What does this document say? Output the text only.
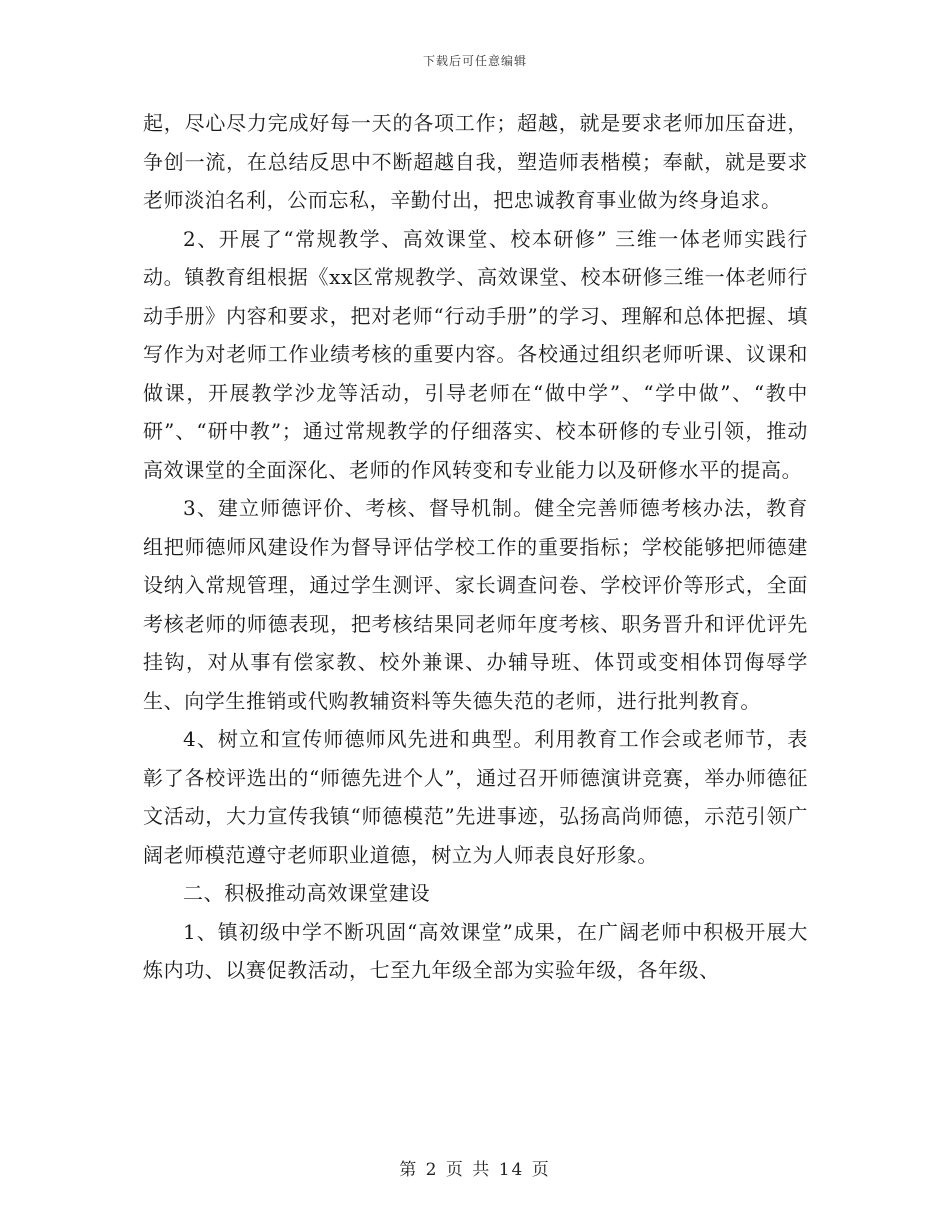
下载后可任意编辑

起，尽心尽力完成好每一天的各项工作；超越，就是要求老师加压奋进，争创一流，在总结反思中不断超越自我，塑造师表楷模；奉献，就是要求老师淡泊名利，公而忘私，辛勤付出，把忠诚教育事业做为终身追求。

2、开展了“常规教学、高效课堂、校本研修” 三维一体老师实践行动。镇教育组根据《xx区常规教学、高效课堂、校本研修三维一体老师行动手册》内容和要求，把对老师“行动手册”的学习、理解和总体把握、填写作为对老师工作业绩考核的重要内容。各校通过组织老师听课、议课和做课，开展教学沙龙等活动，引导老师在“做中学”、“学中做”、“教中研”、“研中教”；通过常规教学的仔细落实、校本研修的专业引领，推动高效课堂的全面深化、老师的作风转变和专业能力以及研修水平的提高。

3、建立师德评价、考核、督导机制。健全完善师德考核办法，教育组把师德师风建设作为督导评估学校工作的重要指标；学校能够把师德建设纳入常规管理，通过学生测评、家长调查问卷、学校评价等形式，全面考核老师的师德表现，把考核结果同老师年度考核、职务晋升和评优评先挂钩，对从事有偿家教、校外兼课、办辅导班、体罚或变相体罚侮辱学生、向学生推销或代购教辅资料等失德失范的老师，进行批判教育。

4、树立和宣传师德师风先进和典型。利用教育工作会或老师节，表彰了各校评选出的“师德先进个人”，通过召开师德演讲竞赛，举办师德征文活动，大力宣传我镇“师德模范”先进事迹，弘扬高尚师德，示范引领广阔老师模范遵守老师职业道德，树立为人师表良好形象。

二、积极推动高效课堂建设

1、镇初级中学不断巩固“高效课堂”成果，在广阔老师中积极开展大炼内功、以赛促教活动，七至九年级全部为实验年级，各年级、

第 2 页 共 14 页
